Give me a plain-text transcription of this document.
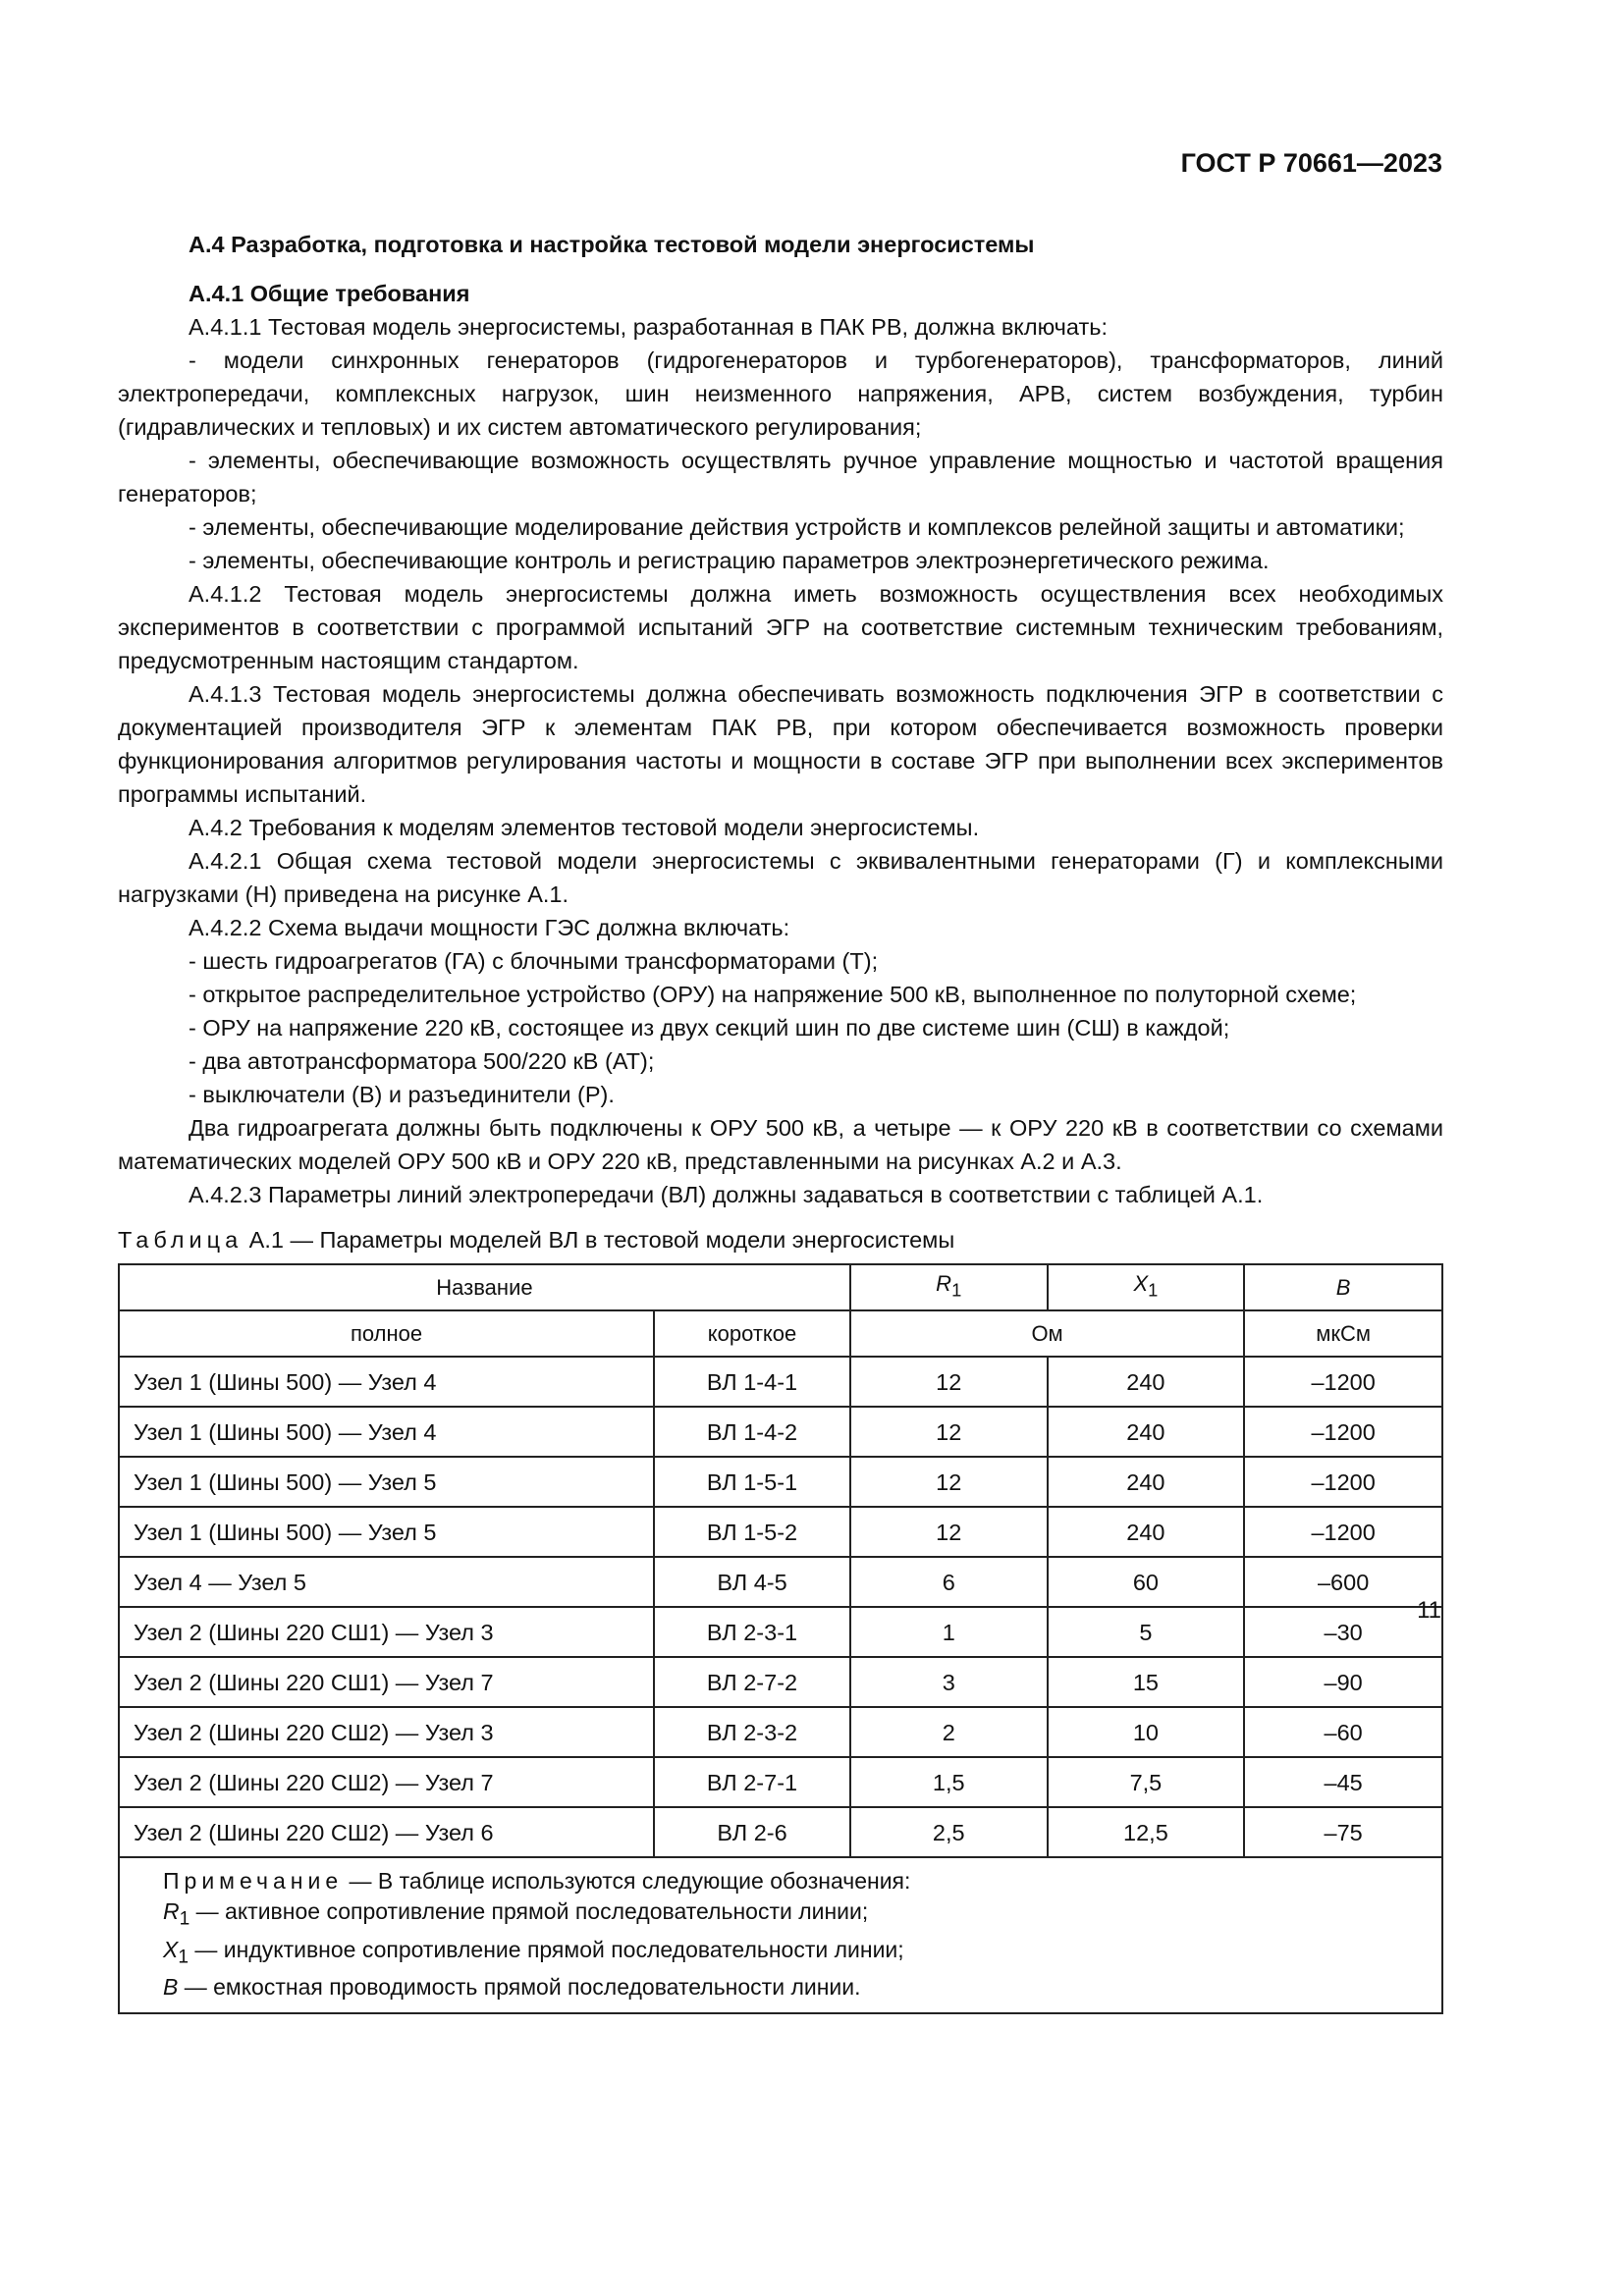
ГОСТ Р 70661—2023

А.4 Разработка, подготовка и настройка тестовой модели энергосистемы

А.4.1 Общие требования

А.4.1.1 Тестовая модель энергосистемы, разработанная в ПАК РВ, должна включать:

- модели синхронных генераторов (гидрогенераторов и турбогенераторов), трансформаторов, линий электропередачи, комплексных нагрузок, шин неизменного напряжения, АРВ, систем возбуждения, турбин (гидравлических и тепловых) и их систем автоматического регулирования;

- элементы, обеспечивающие возможность осуществлять ручное управление мощностью и частотой вращения генераторов;

- элементы, обеспечивающие моделирование действия устройств и комплексов релейной защиты и автоматики;

- элементы, обеспечивающие контроль и регистрацию параметров электроэнергетического режима.

А.4.1.2 Тестовая модель энергосистемы должна иметь возможность осуществления всех необходимых экспериментов в соответствии с программой испытаний ЭГР на соответствие системным техническим требованиям, предусмотренным настоящим стандартом.

А.4.1.3 Тестовая модель энергосистемы должна обеспечивать возможность подключения ЭГР в соответствии с документацией производителя ЭГР к элементам ПАК РВ, при котором обеспечивается возможность проверки функционирования алгоритмов регулирования частоты и мощности в составе ЭГР при выполнении всех экспериментов программы испытаний.

А.4.2 Требования к моделям элементов тестовой модели энергосистемы.

А.4.2.1 Общая схема тестовой модели энергосистемы с эквивалентными генераторами (Г) и комплексными нагрузками (Н) приведена на рисунке А.1.

А.4.2.2 Схема выдачи мощности ГЭС должна включать:

- шесть гидроагрегатов (ГА) с блочными трансформаторами (Т);

- открытое распределительное устройство (ОРУ) на напряжение 500 кВ, выполненное по полуторной схеме;

- ОРУ на напряжение 220 кВ, состоящее из двух секций шин по две системе шин (СШ) в каждой;

- два автотрансформатора 500/220 кВ (АТ);

- выключатели (В) и разъединители (Р).

Два гидроагрегата должны быть подключены к ОРУ 500 кВ, а четыре — к ОРУ 220 кВ в соответствии со схемами математических моделей ОРУ 500 кВ и ОРУ 220 кВ, представленными на рисунках А.2 и А.3.

А.4.2.3 Параметры линий электропередачи (ВЛ) должны задаваться в соответствии с таблицей А.1.

Таблица А.1 — Параметры моделей ВЛ в тестовой модели энергосистемы

Название		$R_1$	$X_1$	B
полное	короткое	Ом		мкСм
Узел 1 (Шины 500) — Узел 4	ВЛ 1-4-1	12	240	–1200
Узел 1 (Шины 500) — Узел 4	ВЛ 1-4-2	12	240	–1200
Узел 1 (Шины 500) — Узел 5	ВЛ 1-5-1	12	240	–1200
Узел 1 (Шины 500) — Узел 5	ВЛ 1-5-2	12	240	–1200
Узел 4 — Узел 5	ВЛ 4-5	6	60	–600
Узел 2 (Шины 220 СШ1) — Узел 3	ВЛ 2-3-1	1	5	–30
Узел 2 (Шины 220 СШ1) — Узел 7	ВЛ 2-7-2	3	15	–90
Узел 2 (Шины 220 СШ2) — Узел 3	ВЛ 2-3-2	2	10	–60
Узел 2 (Шины 220 СШ2) — Узел 7	ВЛ 2-7-1	1,5	7,5	–45
Узел 2 (Шины 220 СШ2) — Узел 6	ВЛ 2-6	2,5	12,5	–75

Примечание — В таблице используются следующие обозначения:
$R_1$ — активное сопротивление прямой последовательности линии;
$X_1$ — индуктивное сопротивление прямой последовательности линии;
B — емкостная проводимость прямой последовательности линии.				
11
